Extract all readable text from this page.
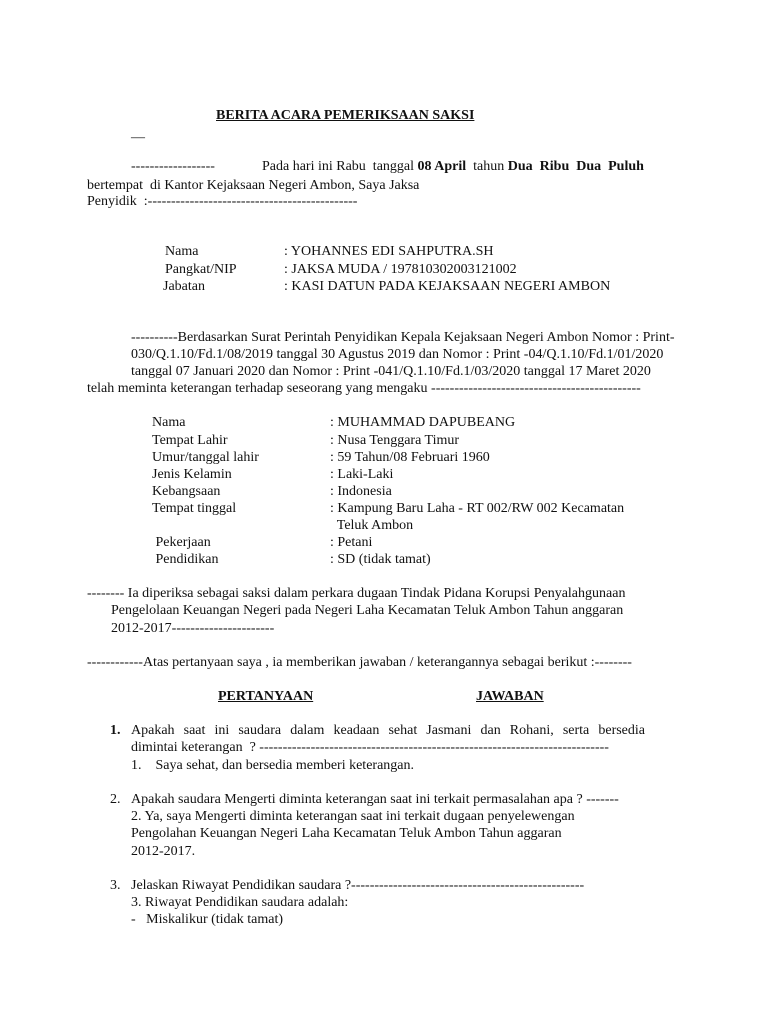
BERITA ACARA PEMERIKSAAN SAKSI
—
------------------	Pada hari ini Rabu  tanggal 08 April  tahun Dua  Ribu  Dua  Puluh
bertempat  di Kantor Kejaksaan Negeri Ambon, Saya Jaksa
Penyidik  :---------------------------------------------
Nama	: YOHANNES EDI SAHPUTRA.SH
Pangkat/NIP	: JAKSA MUDA / 197810302003121002
Jabatan	: KASI DATUN PADA KEJAKSAAN NEGERI AMBON
----------Berdasarkan Surat Perintah Penyidikan Kepala Kejaksaan Negeri Ambon Nomor : Print-
030/Q.1.10/Fd.1/08/2019 tanggal 30 Agustus 2019 dan Nomor : Print -04/Q.1.10/Fd.1/01/2020
tanggal 07 Januari 2020 dan Nomor : Print -041/Q.1.10/Fd.1/03/2020 tanggal 17 Maret 2020
telah meminta keterangan terhadap seseorang yang mengaku ---------------------------------------------
Nama	: MUHAMMAD DAPUBEANG
Tempat Lahir	: Nusa Tenggara Timur
Umur/tanggal lahir	: 59 Tahun/08 Februari 1960
Jenis Kelamin	: Laki-Laki
Kebangsaan	: Indonesia
Tempat tinggal	: Kampung Baru Laha - RT 002/RW 002 Kecamatan
Teluk Ambon
Pekerjaan	: Petani
Pendidikan	: SD (tidak tamat)
-------- Ia diperiksa sebagai saksi dalam perkara dugaan Tindak Pidana Korupsi Penyalahgunaan
Pengelolaan Keuangan Negeri pada Negeri Laha Kecamatan Teluk Ambon Tahun anggaran
2012-2017----------------------
------------Atas pertanyaan saya , ia memberikan jawaban / keterangannya sebagai berikut :--------
PERTANYAAN	JAWABAN
1. Apakah saat ini saudara dalam keadaan sehat Jasmani dan Rohani, serta bersedia
dimintai keterangan  ? ---------------------------------------------------------------------------
1.    Saya sehat, dan bersedia memberi keterangan.
2. Apakah saudara Mengerti diminta keterangan saat ini terkait permasalahan apa ? -------
2. Ya, saya Mengerti diminta keterangan saat ini terkait dugaan penyelewengan
Pengolahan Keuangan Negeri Laha Kecamatan Teluk Ambon Tahun aggaran
2012-2017.
3. Jelaskan Riwayat Pendidikan saudara ?--------------------------------------------------
3. Riwayat Pendidikan saudara adalah:
-   Miskalikur (tidak tamat)
